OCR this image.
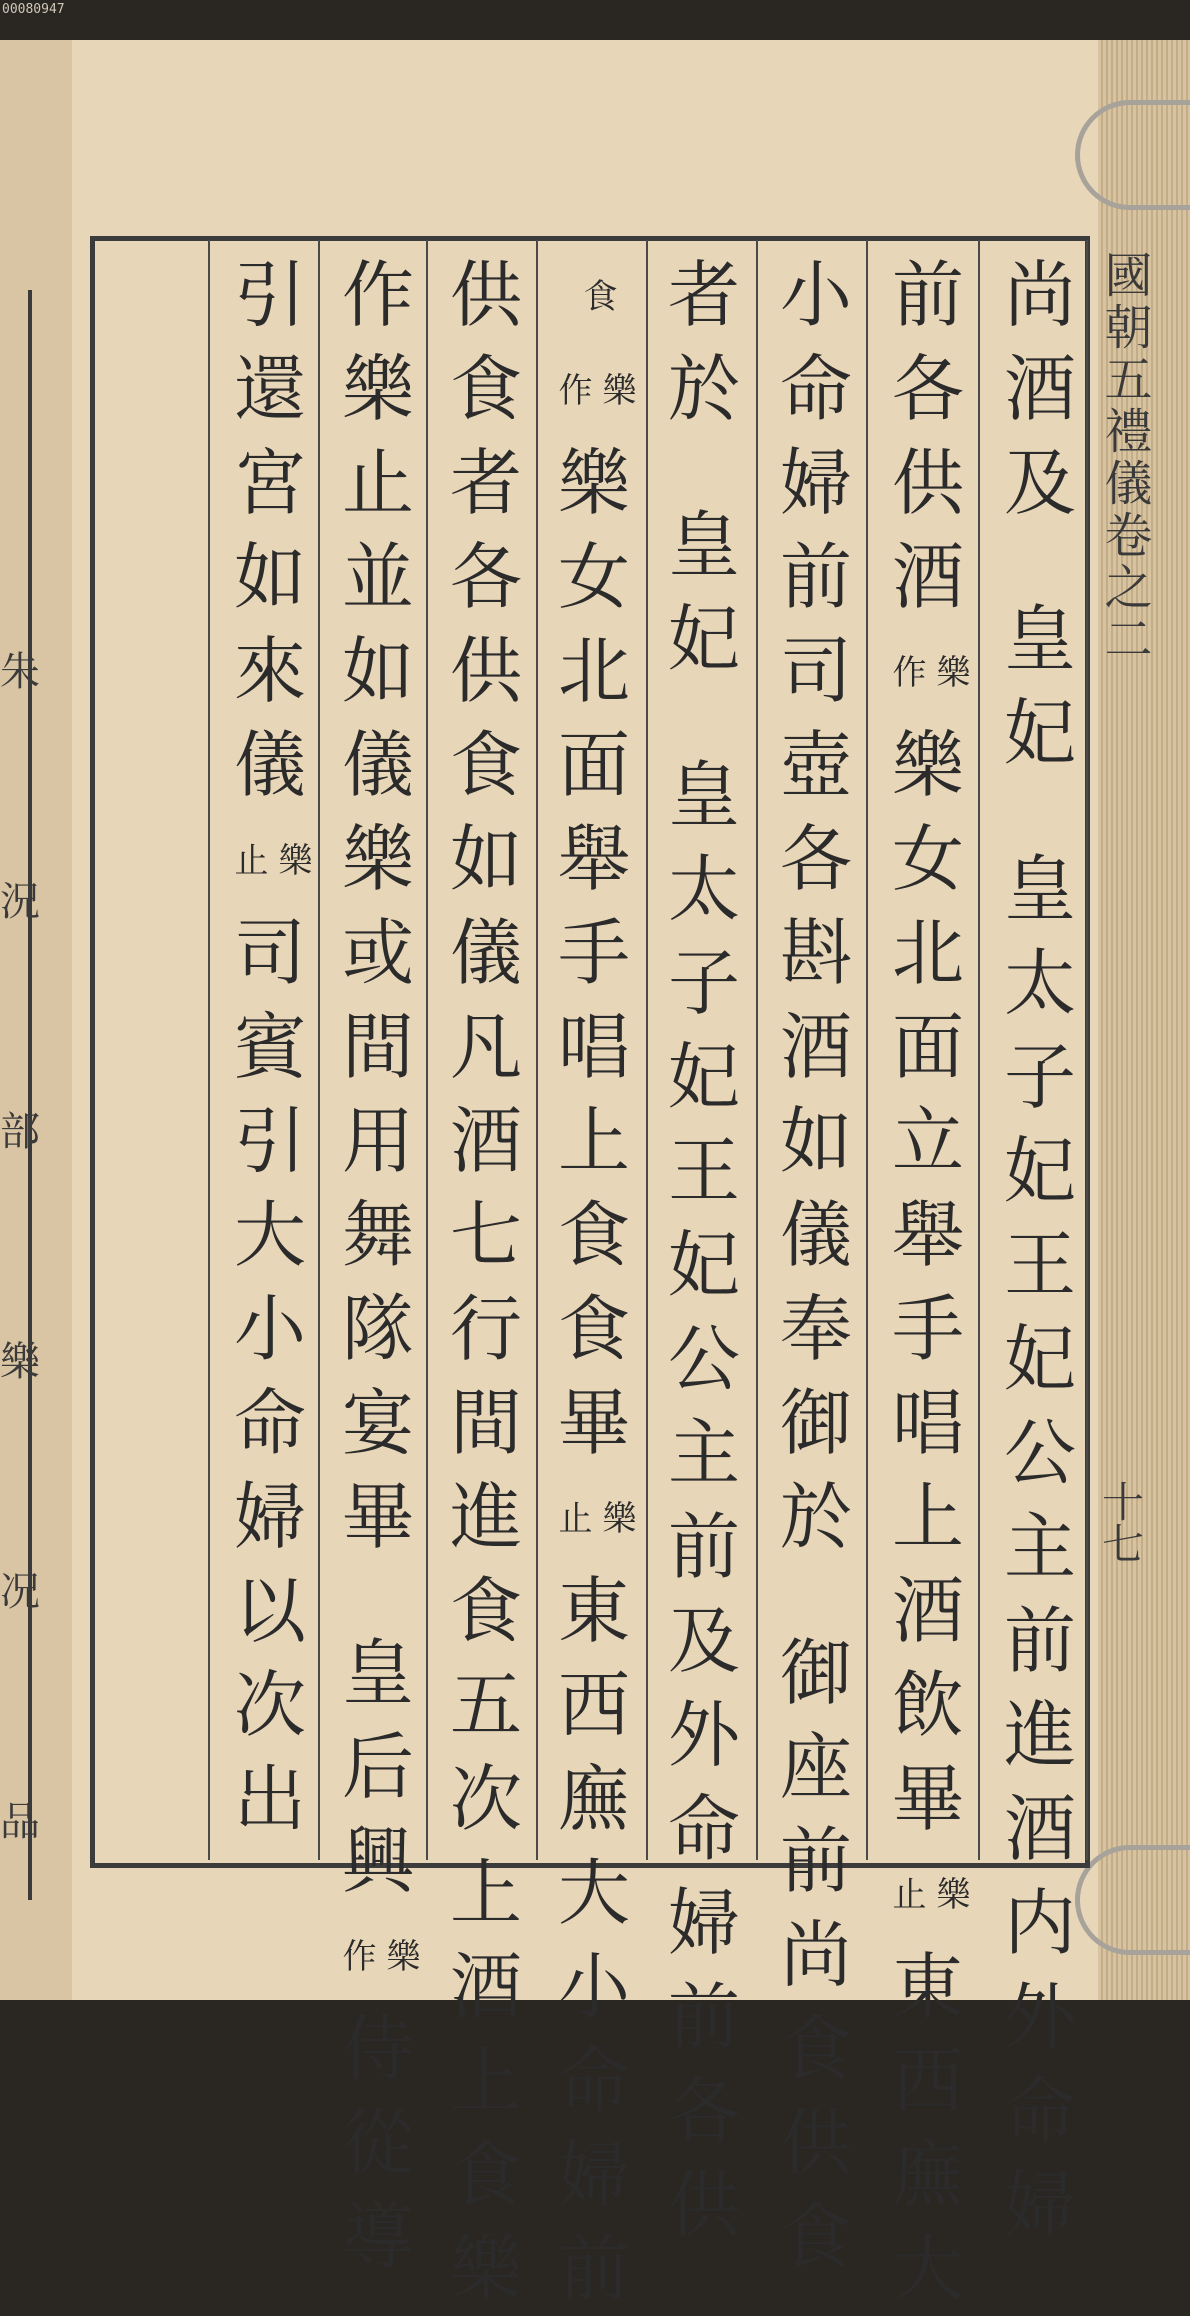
00080947
朱
況
部
樂
况
品
國朝五禮儀卷之二
十七
尚
酒
及
皇
妃
皇
太
子
妃
王
妃
公
主
前
進
酒
内
外
命
婦
前
各
供
酒
樂
作
樂
女
北
面
立
舉
手
唱
上
酒
飲
畢
樂
止
東
西
廡
大
小
命
婦
前
司
壺
各
斟
酒
如
儀
奉
御
於
御
座
前
尚
食
供
食
者
於
皇
妃
皇
太
子
妃
王
妃
公
主
前
及
外
命
婦
前
各
供
食
樂
作
樂
女
北
面
舉
手
唱
上
食
食
畢
樂
止
東
西
廡
大
小
命
婦
前
供
食
者
各
供
食
如
儀
凡
酒
七
行
間
進
食
五
次
上
酒
上
食
樂
作
樂
止
並
如
儀
樂
或
間
用
舞
隊
宴
畢
皇
后
興
樂
作
侍
從
導
引
還
宮
如
來
儀
樂
止
司
賓
引
大
小
命
婦
以
次
出
